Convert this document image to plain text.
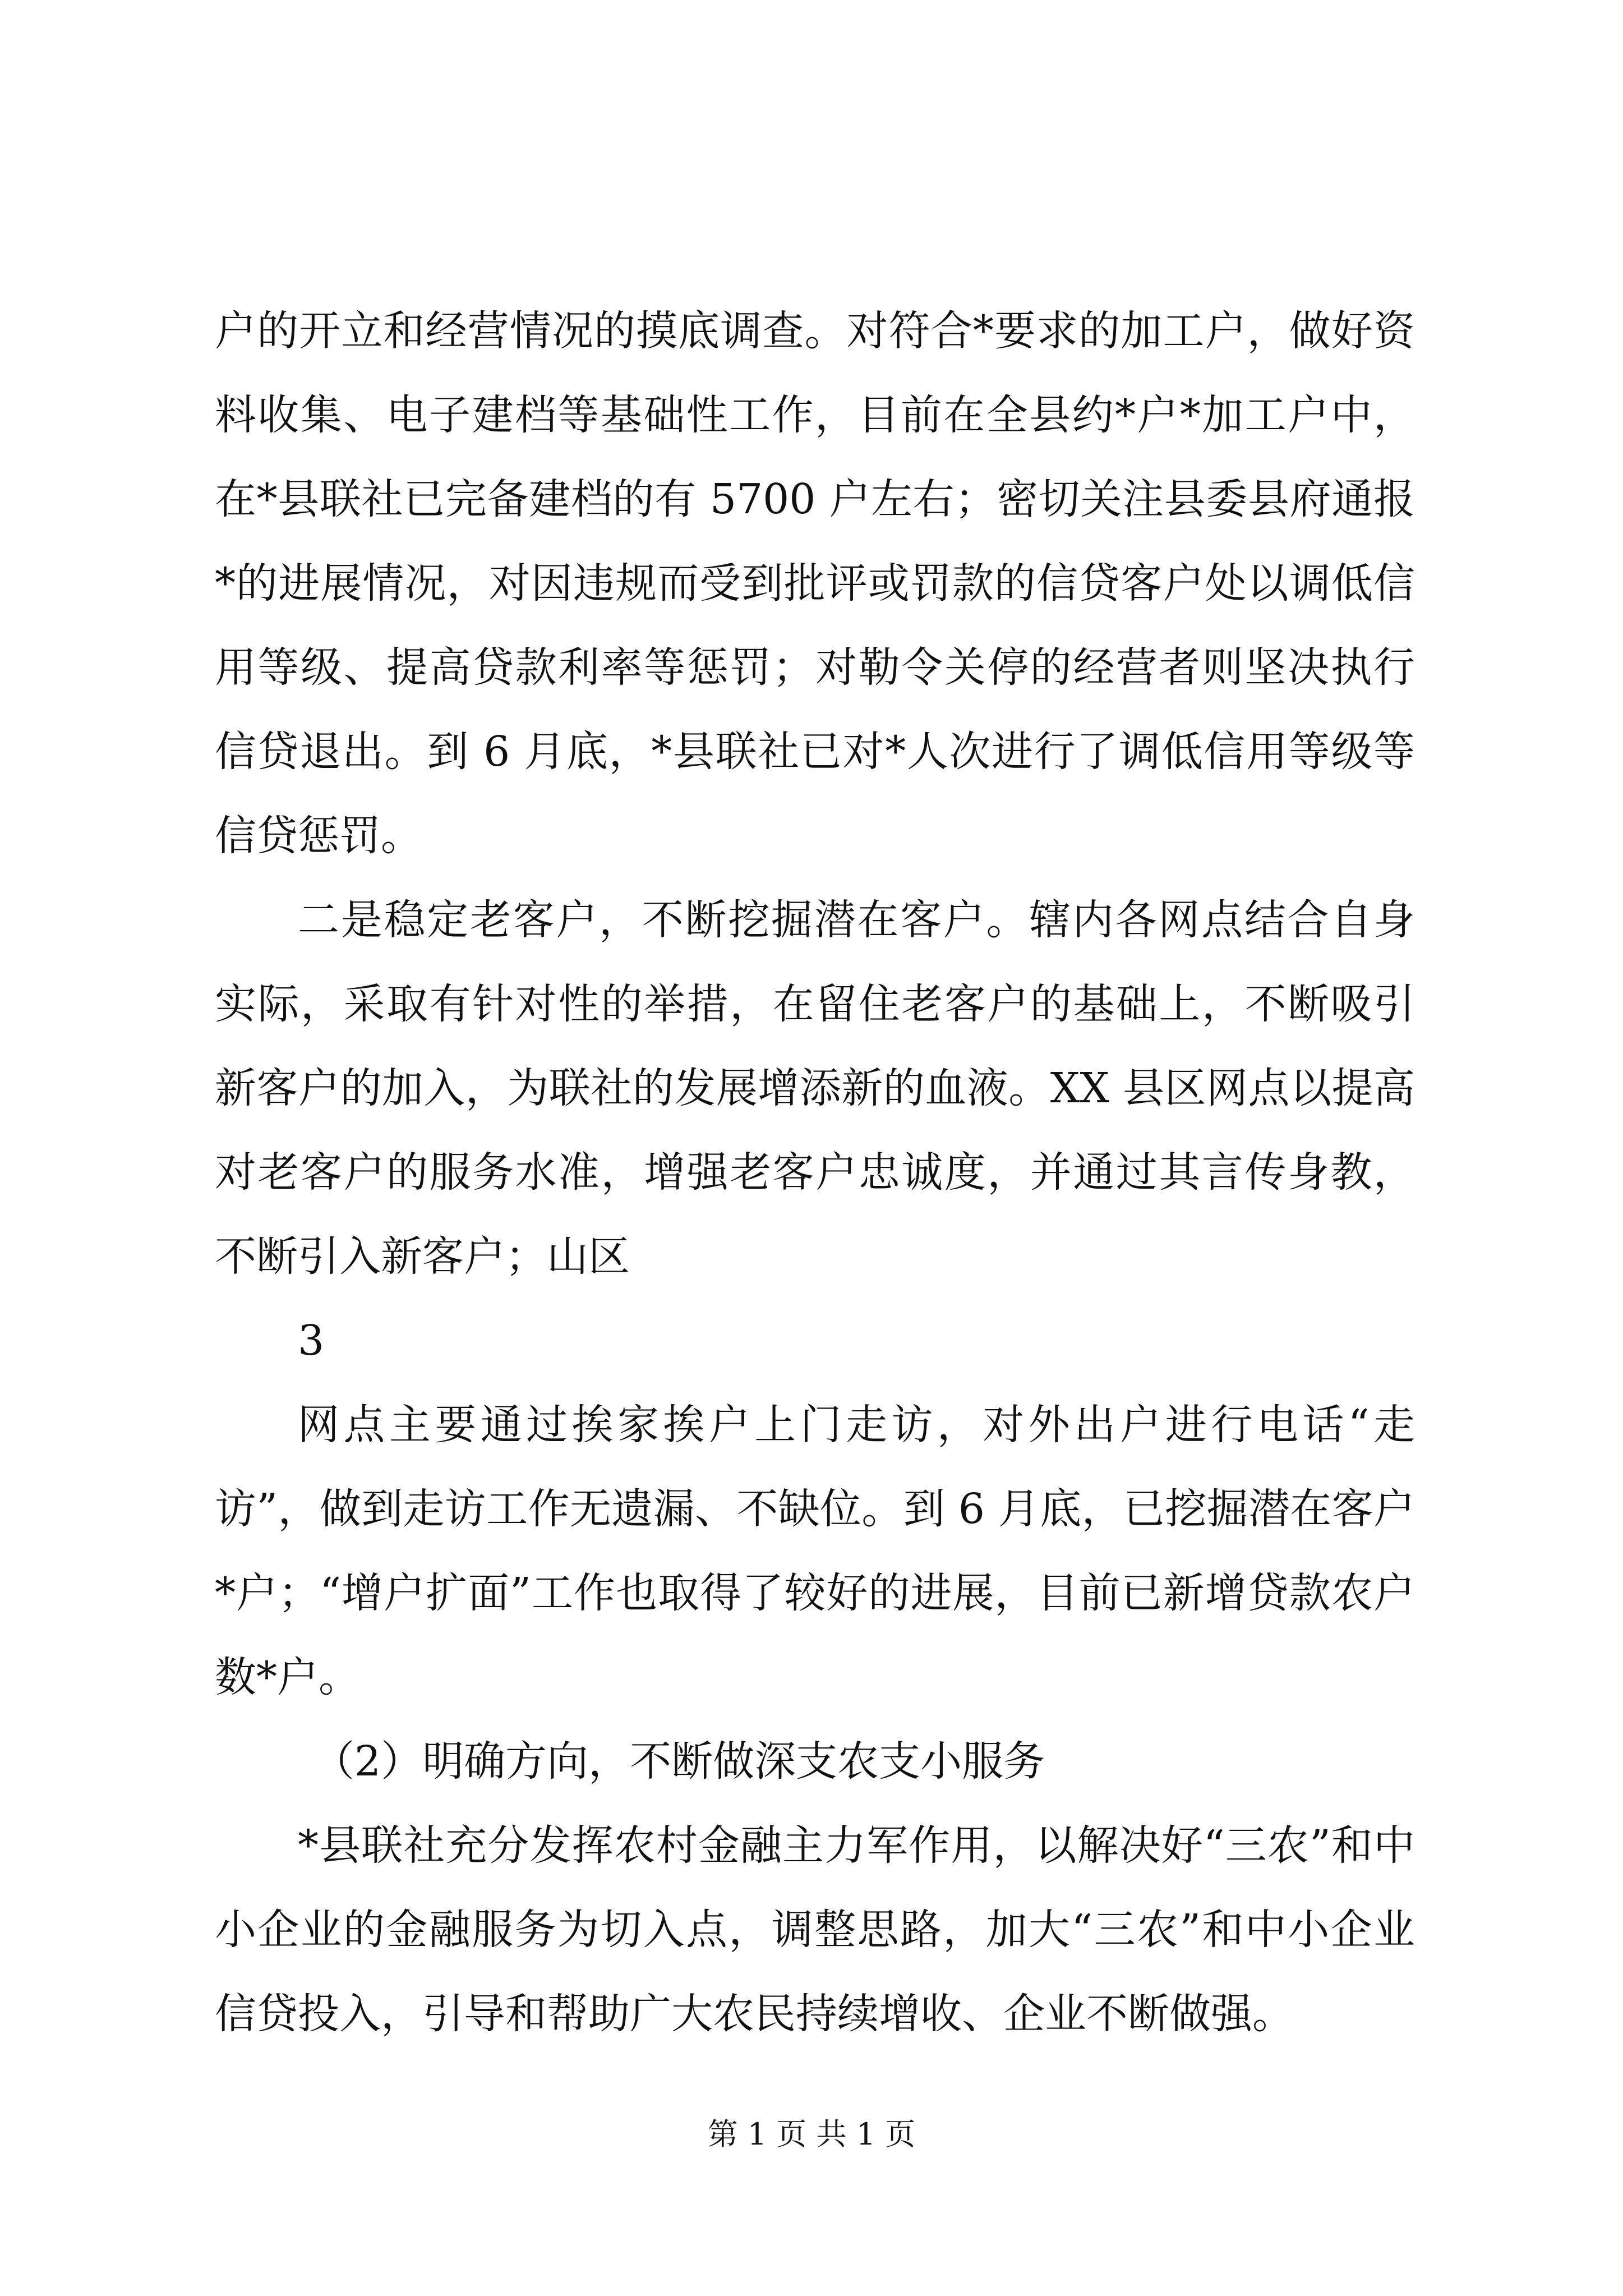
户的开立和经营情况的摸底调查。对符合*要求的加工户，做好资料收集、电子建档等基础性工作，目前在全县约*户*加工户中，在*县联社已完备建档的有 5700 户左右；密切关注县委县府通报*的进展情况，对因违规而受到批评或罚款的信贷客户处以调低信用等级、提高贷款利率等惩罚；对勒令关停的经营者则坚决执行信贷退出。到 6 月底，*县联社已对*人次进行了调低信用等级等信贷惩罚。

二是稳定老客户，不断挖掘潜在客户。辖内各网点结合自身实际，采取有针对性的举措，在留住老客户的基础上，不断吸引新客户的加入，为联社的发展增添新的血液。XX 县区网点以提高对老客户的服务水准，增强老客户忠诚度，并通过其言传身教，不断引入新客户；山区

3

网点主要通过挨家挨户上门走访，对外出户进行电话“走访”，做到走访工作无遗漏、不缺位。到 6 月底，已挖掘潜在客户*户；“增户扩面”工作也取得了较好的进展，目前已新增贷款农户数*户。

（2）明确方向，不断做深支农支小服务

*县联社充分发挥农村金融主力军作用，以解决好“三农”和中小企业的金融服务为切入点，调整思路，加大“三农”和中小企业信贷投入，引导和帮助广大农民持续增收、企业不断做强。

第 1 页 共 1 页
